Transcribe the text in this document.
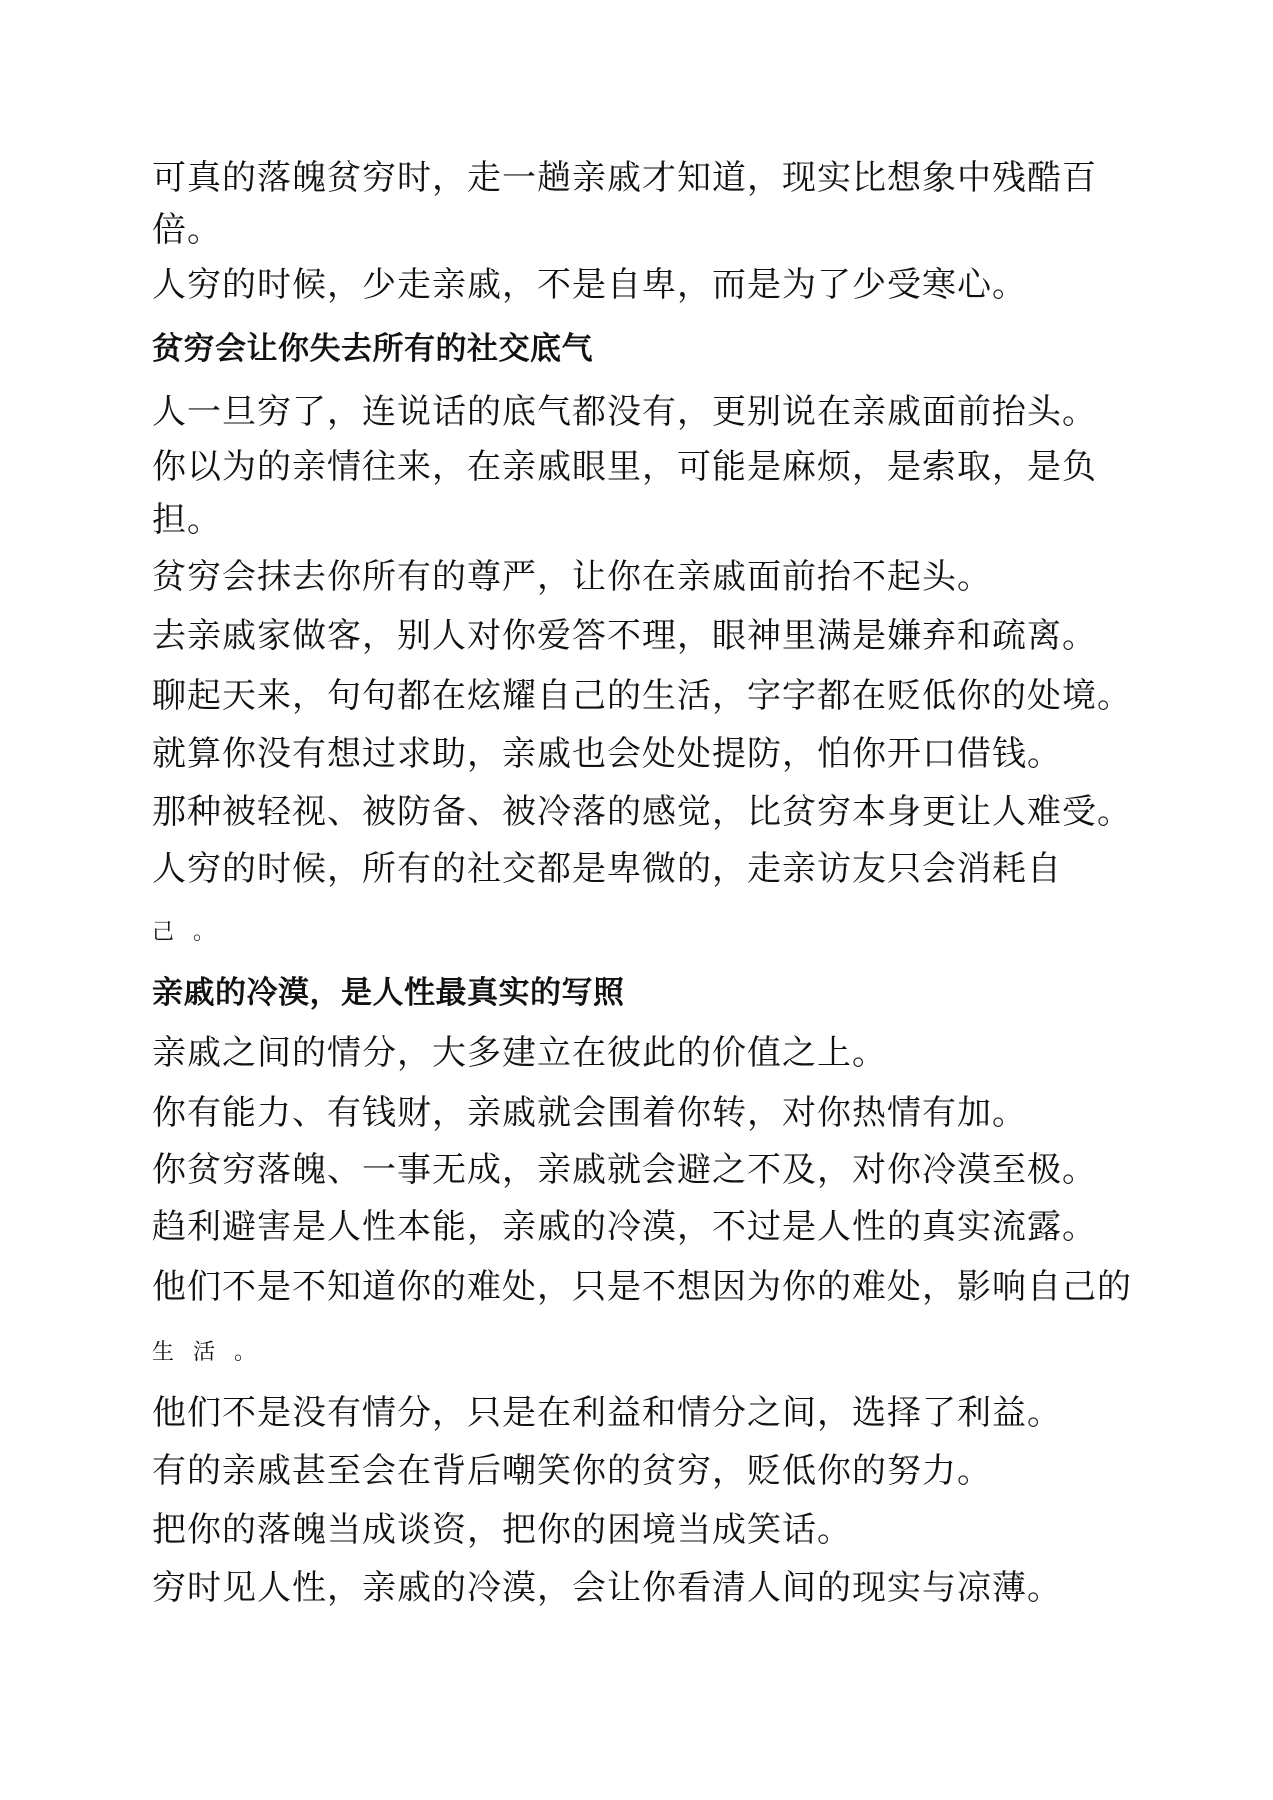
可真的落魄贫穷时，走一趟亲戚才知道，现实比想象中残酷百
倍。
人穷的时候，少走亲戚，不是自卑，而是为了少受寒心。
贫穷会让你失去所有的社交底气
人一旦穷了，连说话的底气都没有，更别说在亲戚面前抬头。
你以为的亲情往来，在亲戚眼里，可能是麻烦，是索取，是负
担。
贫穷会抹去你所有的尊严，让你在亲戚面前抬不起头。
去亲戚家做客，别人对你爱答不理，眼神里满是嫌弃和疏离。
聊起天来，句句都在炫耀自己的生活，字字都在贬低你的处境。
就算你没有想过求助，亲戚也会处处提防，怕你开口借钱。
那种被轻视、被防备、被冷落的感觉，比贫穷本身更让人难受。
人穷的时候，所有的社交都是卑微的，走亲访友只会消耗自
己 。
亲戚的冷漠，是人性最真实的写照
亲戚之间的情分，大多建立在彼此的价值之上。
你有能力、有钱财，亲戚就会围着你转，对你热情有加。
你贫穷落魄、一事无成，亲戚就会避之不及，对你冷漠至极。
趋利避害是人性本能，亲戚的冷漠，不过是人性的真实流露。
他们不是不知道你的难处，只是不想因为你的难处，影响自己的
生 活 。
他们不是没有情分，只是在利益和情分之间，选择了利益。
有的亲戚甚至会在背后嘲笑你的贫穷，贬低你的努力。
把你的落魄当成谈资，把你的困境当成笑话。
穷时见人性，亲戚的冷漠，会让你看清人间的现实与凉薄。
